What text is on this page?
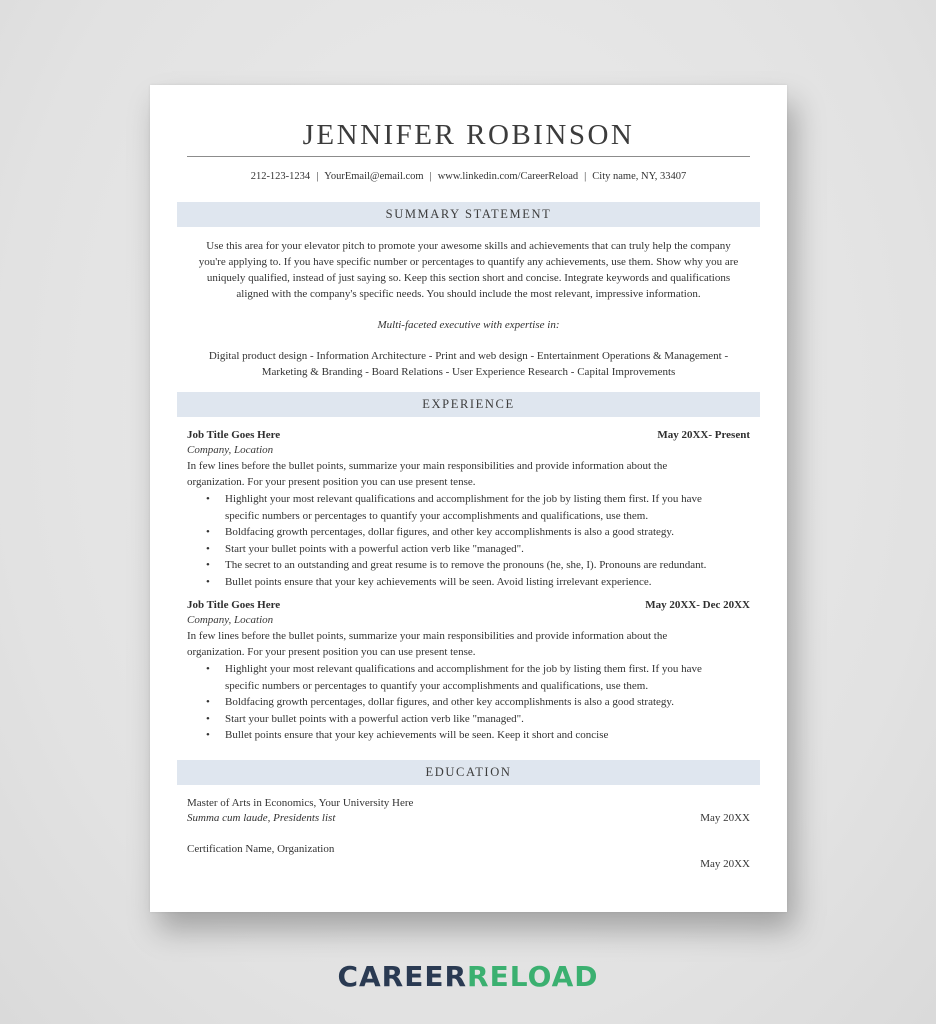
JENNIFER ROBINSON
212-123-1234 | YourEmail@email.com | www.linkedin.com/CareerReload | City name, NY, 33407
SUMMARY STATEMENT
Use this area for your elevator pitch to promote your awesome skills and achievements that can truly help the company
you're applying to. If you have specific number or percentages to quantify any achievements, use them. Show why you are
uniquely qualified, instead of just saying so. Keep this section short and concise. Integrate keywords and qualifications
aligned with the company's specific needs. You should include the most relevant, impressive information.
Multi-faceted executive with expertise in:
Digital product design - Information Architecture - Print and web design - Entertainment Operations & Management -
Marketing & Branding - Board Relations - User Experience Research - Capital Improvements
EXPERIENCE
Job Title Goes Here	May 20XX- Present
Company, Location
In few lines before the bullet points, summarize your main responsibilities and provide information about the
organization. For your present position you can use present tense.
• Highlight your most relevant qualifications and accomplishment for the job by listing them first. If you have
specific numbers or percentages to quantify your accomplishments and qualifications, use them.
• Boldfacing growth percentages, dollar figures, and other key accomplishments is also a good strategy.
• Start your bullet points with a powerful action verb like "managed".
• The secret to an outstanding and great resume is to remove the pronouns (he, she, I). Pronouns are redundant.
• Bullet points ensure that your key achievements will be seen. Avoid listing irrelevant experience.
Job Title Goes Here	May 20XX- Dec 20XX
Company, Location
In few lines before the bullet points, summarize your main responsibilities and provide information about the
organization. For your present position you can use present tense.
• Highlight your most relevant qualifications and accomplishment for the job by listing them first. If you have
specific numbers or percentages to quantify your accomplishments and qualifications, use them.
• Boldfacing growth percentages, dollar figures, and other key accomplishments is also a good strategy.
• Start your bullet points with a powerful action verb like "managed".
• Bullet points ensure that your key achievements will be seen. Keep it short and concise
EDUCATION
Master of Arts in Economics, Your University Here
Summa cum laude, Presidents list	May 20XX
Certification Name, Organization
May 20XX
CAREERRELOAD
